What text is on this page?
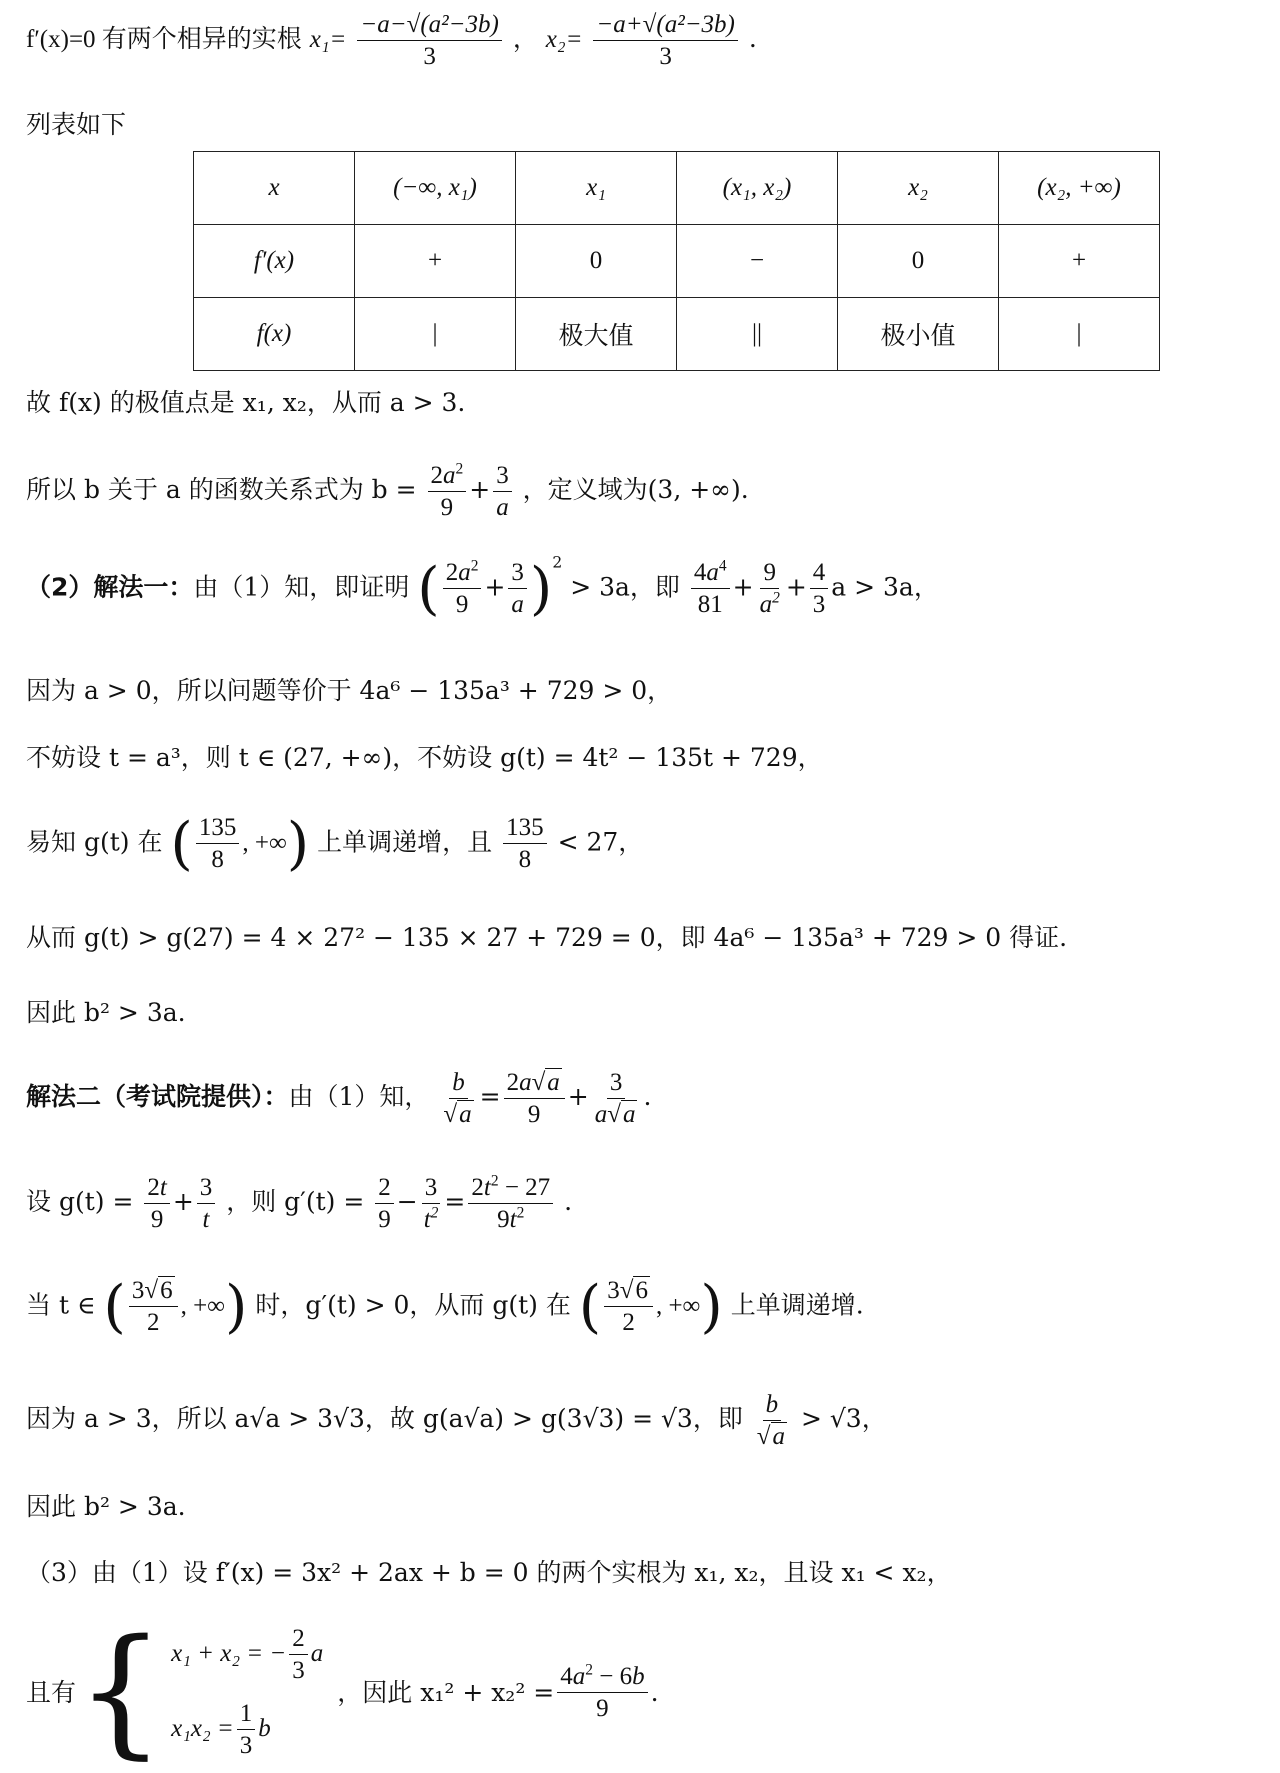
f′(x)=0 有两个相异的实根 $x_1= \frac{\text{−a−√(a²−3b)}}{3}$ ， $x_2= \frac{\text{−a+√(a²−3b)}}{3}$ .
列表如下
x	(−∞, x₁)	x₁	(x₁, x₂)	x₂	(x₂, +∞)
f′(x)	+	0	−	0	+
f(x)	|	极大值	||	极小值	|
故 f(x) 的极值点是 x₁, x₂，从而 a > 3.
所以 b 关于 a 的函数关系式为 $b = \frac{2a^2}{9} + \frac{3}{a}$ ，定义域为(3, +∞).
（2）解法一：由（1）知，即证明 ( $\frac{2a^2}{9} + \frac{3}{a} )^2 > 3a$，即 $\frac{4a^4}{81} + \frac{9}{a^2} + \frac{4}{3}$ a > 3a，
因为 a > 0，所以问题等价于 4a⁶ − 135a³ + 729 > 0，
不妨设 t = a³，则 t ∈ (27, +∞)，不妨设 g(t) = 4t² − 135t + 729，
易知 g(t) 在 ( $\frac{135}{8}$ , +∞) 上单调递增，且 $\frac{135}{8} < 27$，
从而 g(t) > g(27) = 4 × 27² − 135 × 27 + 729 = 0，即 4a⁶ − 135a³ + 729 > 0 得证.
因此 b² > 3a.
解法二（考试院提供）：由（1）知， $\frac{b}{√a} = \frac{2a√a}{9} + \frac{3}{a√a}$ .
设 $g(t) = \frac{2t}{9} + \frac{3}{t}$ ，则 $g'(t) = \frac{2}{9} - \frac{3}{t^2} = \frac{2t^2 - 27}{9t^2}$ .
当 t ∈ ( $\frac{3√6}{2}$ , +∞) 时，g′(t) > 0，从而 g(t) 在 ( $\frac{3√6}{2}$ , +∞) 上单调递增.
因为 a > 3，所以 a√a > 3√3，故 g(a√a) > g(3√3) = √3，即 $\frac{b}{√a} > √3$，
因此 b² > 3a.
（3）由（1）设 f′(x) = 3x² + 2ax + b = 0 的两个实根为 x₁, x₂，且设 x₁ < x₂，
且有 { x₁ + x₂ = − $\frac{2}{3}$ a
$x_1x_2 = \frac{1}{3}$ b
，因此 $x_1^2 + x_2^2 = \frac{4a^2 - 6b}{9}$ .
